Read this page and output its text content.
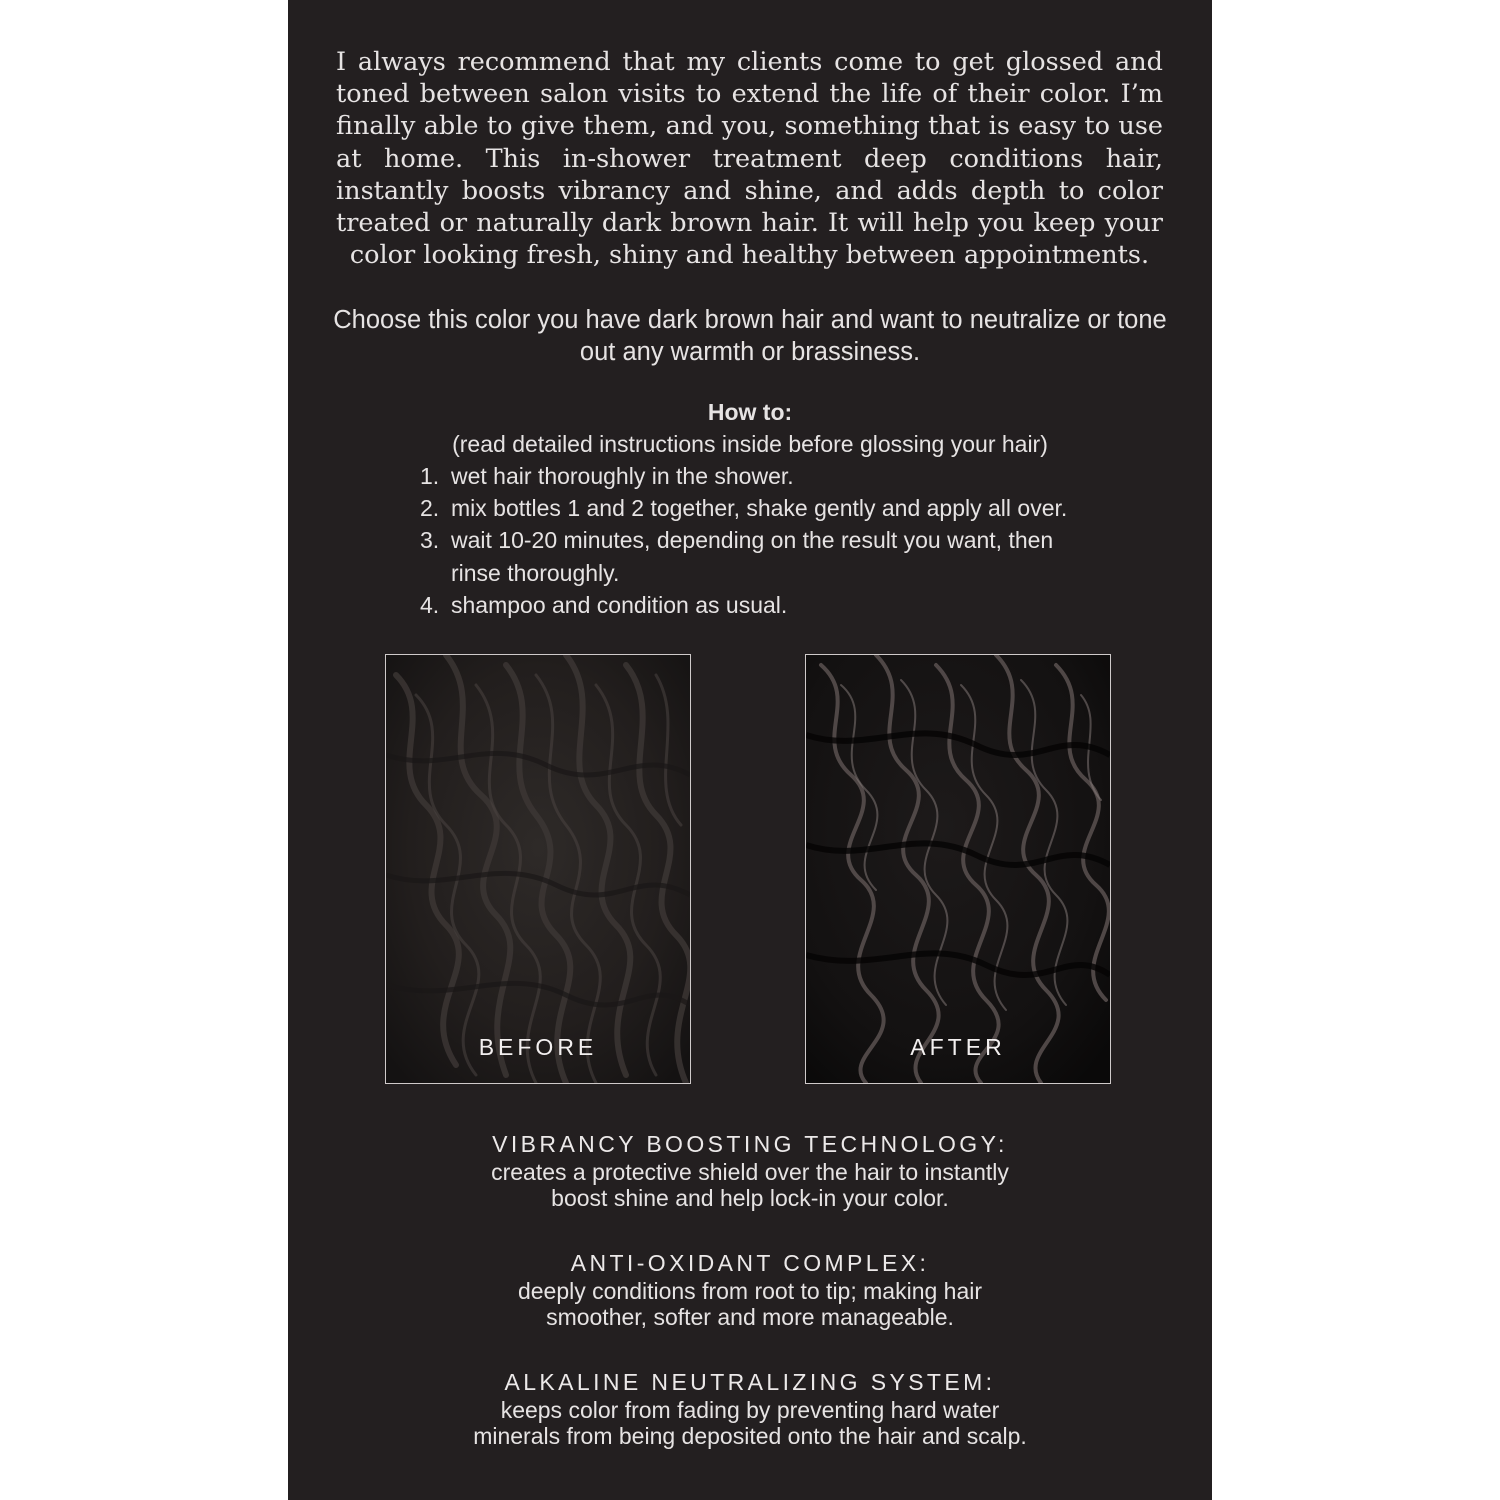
I always recommend that my clients come to get glossed and toned between salon visits to extend the life of their color. I’m finally able to give them, and you, something that is easy to use at home. This in-shower treatment deep conditions hair, instantly boosts vibrancy and shine, and adds depth to color treated or naturally dark brown hair. It will help you keep your color looking fresh, shiny and healthy between appointments.

Choose this color you have dark brown hair and want to neutralize or tone out any warmth or brassiness.

How to:

(read detailed instructions inside before glossing your hair)

1. wet hair thoroughly in the shower.
2. mix bottles 1 and 2 together, shake gently and apply all over.
3. wait 10-20 minutes, depending on the result you want, then rinse thoroughly.
4. shampoo and condition as usual.
BEFORE	AFTER
VIBRANCY BOOSTING TECHNOLOGY:

creates a protective shield over the hair to instantly

boost shine and help lock-in your color.

ANTI-OXIDANT COMPLEX:

deeply conditions from root to tip; making hair

smoother, softer and more manageable.

ALKALINE NEUTRALIZING SYSTEM:

keeps color from fading by preventing hard water

minerals from being deposited onto the hair and scalp.
